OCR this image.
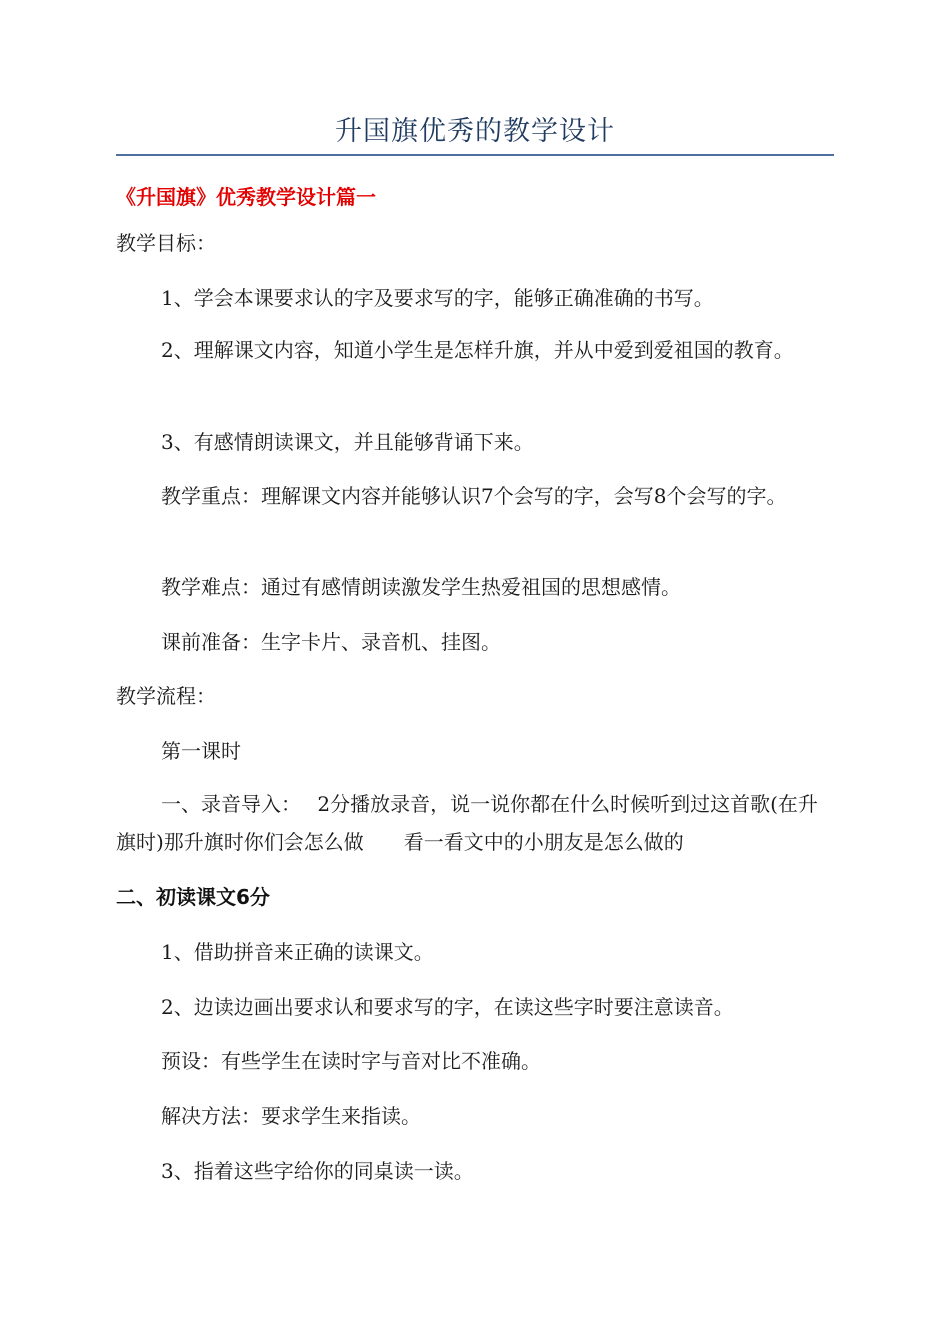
升国旗优秀的教学设计
《升国旗》优秀教学设计篇一
教学目标：
1、学会本课要求认的字及要求写的字，能够正确准确的书写。
2、理解课文内容，知道小学生是怎样升旗，并从中爱到爱祖国的教育。
3、有感情朗读课文，并且能够背诵下来。
教学重点：理解课文内容并能够认识7个会写的字，会写8个会写的字。
教学难点：通过有感情朗读激发学生热爱祖国的思想感情。
课前准备：生字卡片、录音机、挂图。
教学流程：
第一课时
一、录音导入：　 2分播放录音，说一说你都在什么时候听到过这首歌(在升旗时)那升旗时你们会怎么做　　看一看文中的小朋友是怎么做的
二、初读课文6分
1、借助拼音来正确的读课文。
2、边读边画出要求认和要求写的字，在读这些字时要注意读音。
预设：有些学生在读时字与音对比不准确。
解决方法：要求学生来指读。
3、指着这些字给你的同桌读一读。
